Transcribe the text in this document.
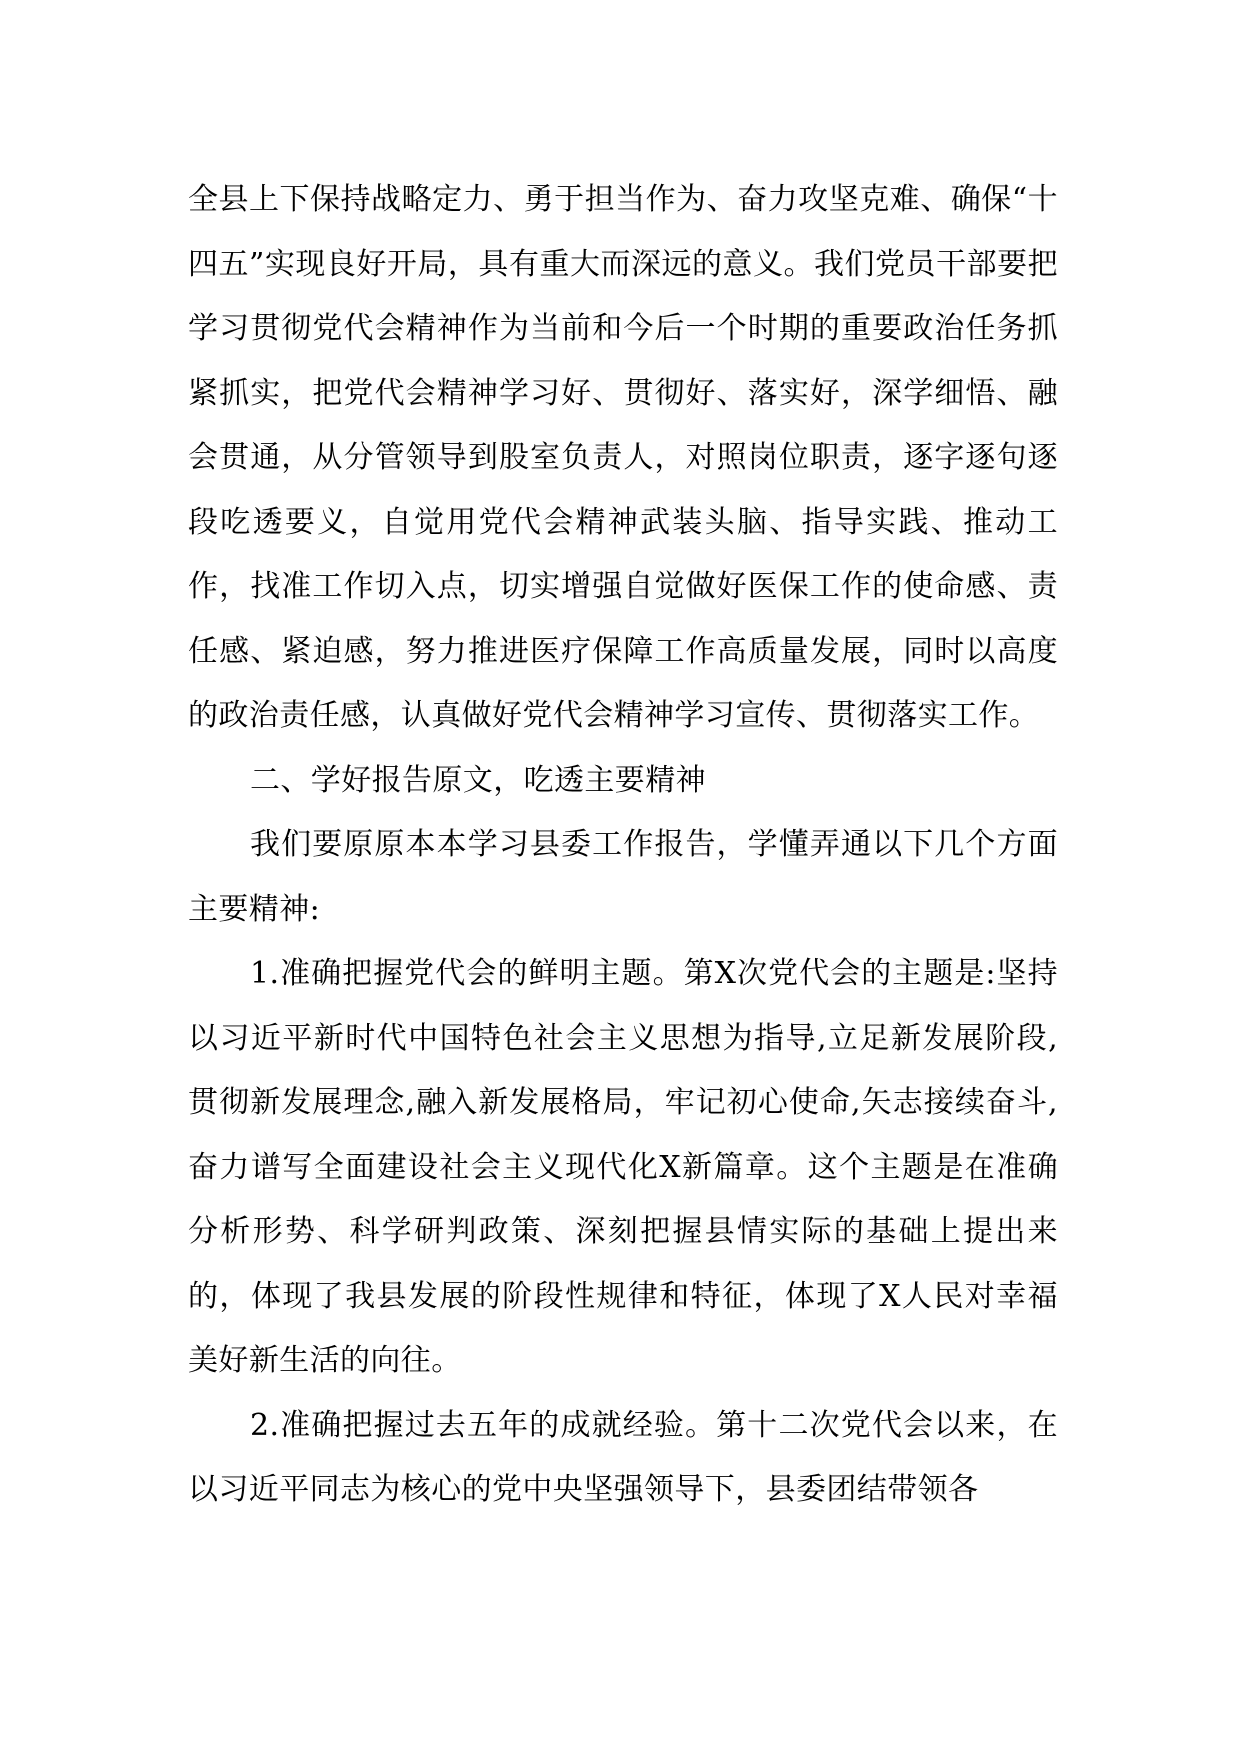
全县上下保持战略定力、勇于担当作为、奋力攻坚克难、确保“十四五”实现良好开局，具有重大而深远的意义。我们党员干部要把学习贯彻党代会精神作为当前和今后一个时期的重要政治任务抓紧抓实，把党代会精神学习好、贯彻好、落实好，深学细悟、融会贯通，从分管领导到股室负责人，对照岗位职责，逐字逐句逐段吃透要义，自觉用党代会精神武装头脑、指导实践、推动工作，找准工作切入点，切实增强自觉做好医保工作的使命感、责任感、紧迫感，努力推进医疗保障工作高质量发展，同时以高度的政治责任感，认真做好党代会精神学习宣传、贯彻落实工作。

二、学好报告原文，吃透主要精神

我们要原原本本学习县委工作报告，学懂弄通以下几个方面主要精神:

1.准确把握党代会的鲜明主题。第X次党代会的主题是:坚持以习近平新时代中国特色社会主义思想为指导,立足新发展阶段,贯彻新发展理念,融入新发展格局，牢记初心使命,矢志接续奋斗,奋力谱写全面建设社会主义现代化X新篇章。这个主题是在准确分析形势、科学研判政策、深刻把握县情实际的基础上提出来的，体现了我县发展的阶段性规律和特征，体现了X人民对幸福美好新生活的向往。

2.准确把握过去五年的成就经验。第十二次党代会以来，在以习近平同志为核心的党中央坚强领导下，县委团结带领各
